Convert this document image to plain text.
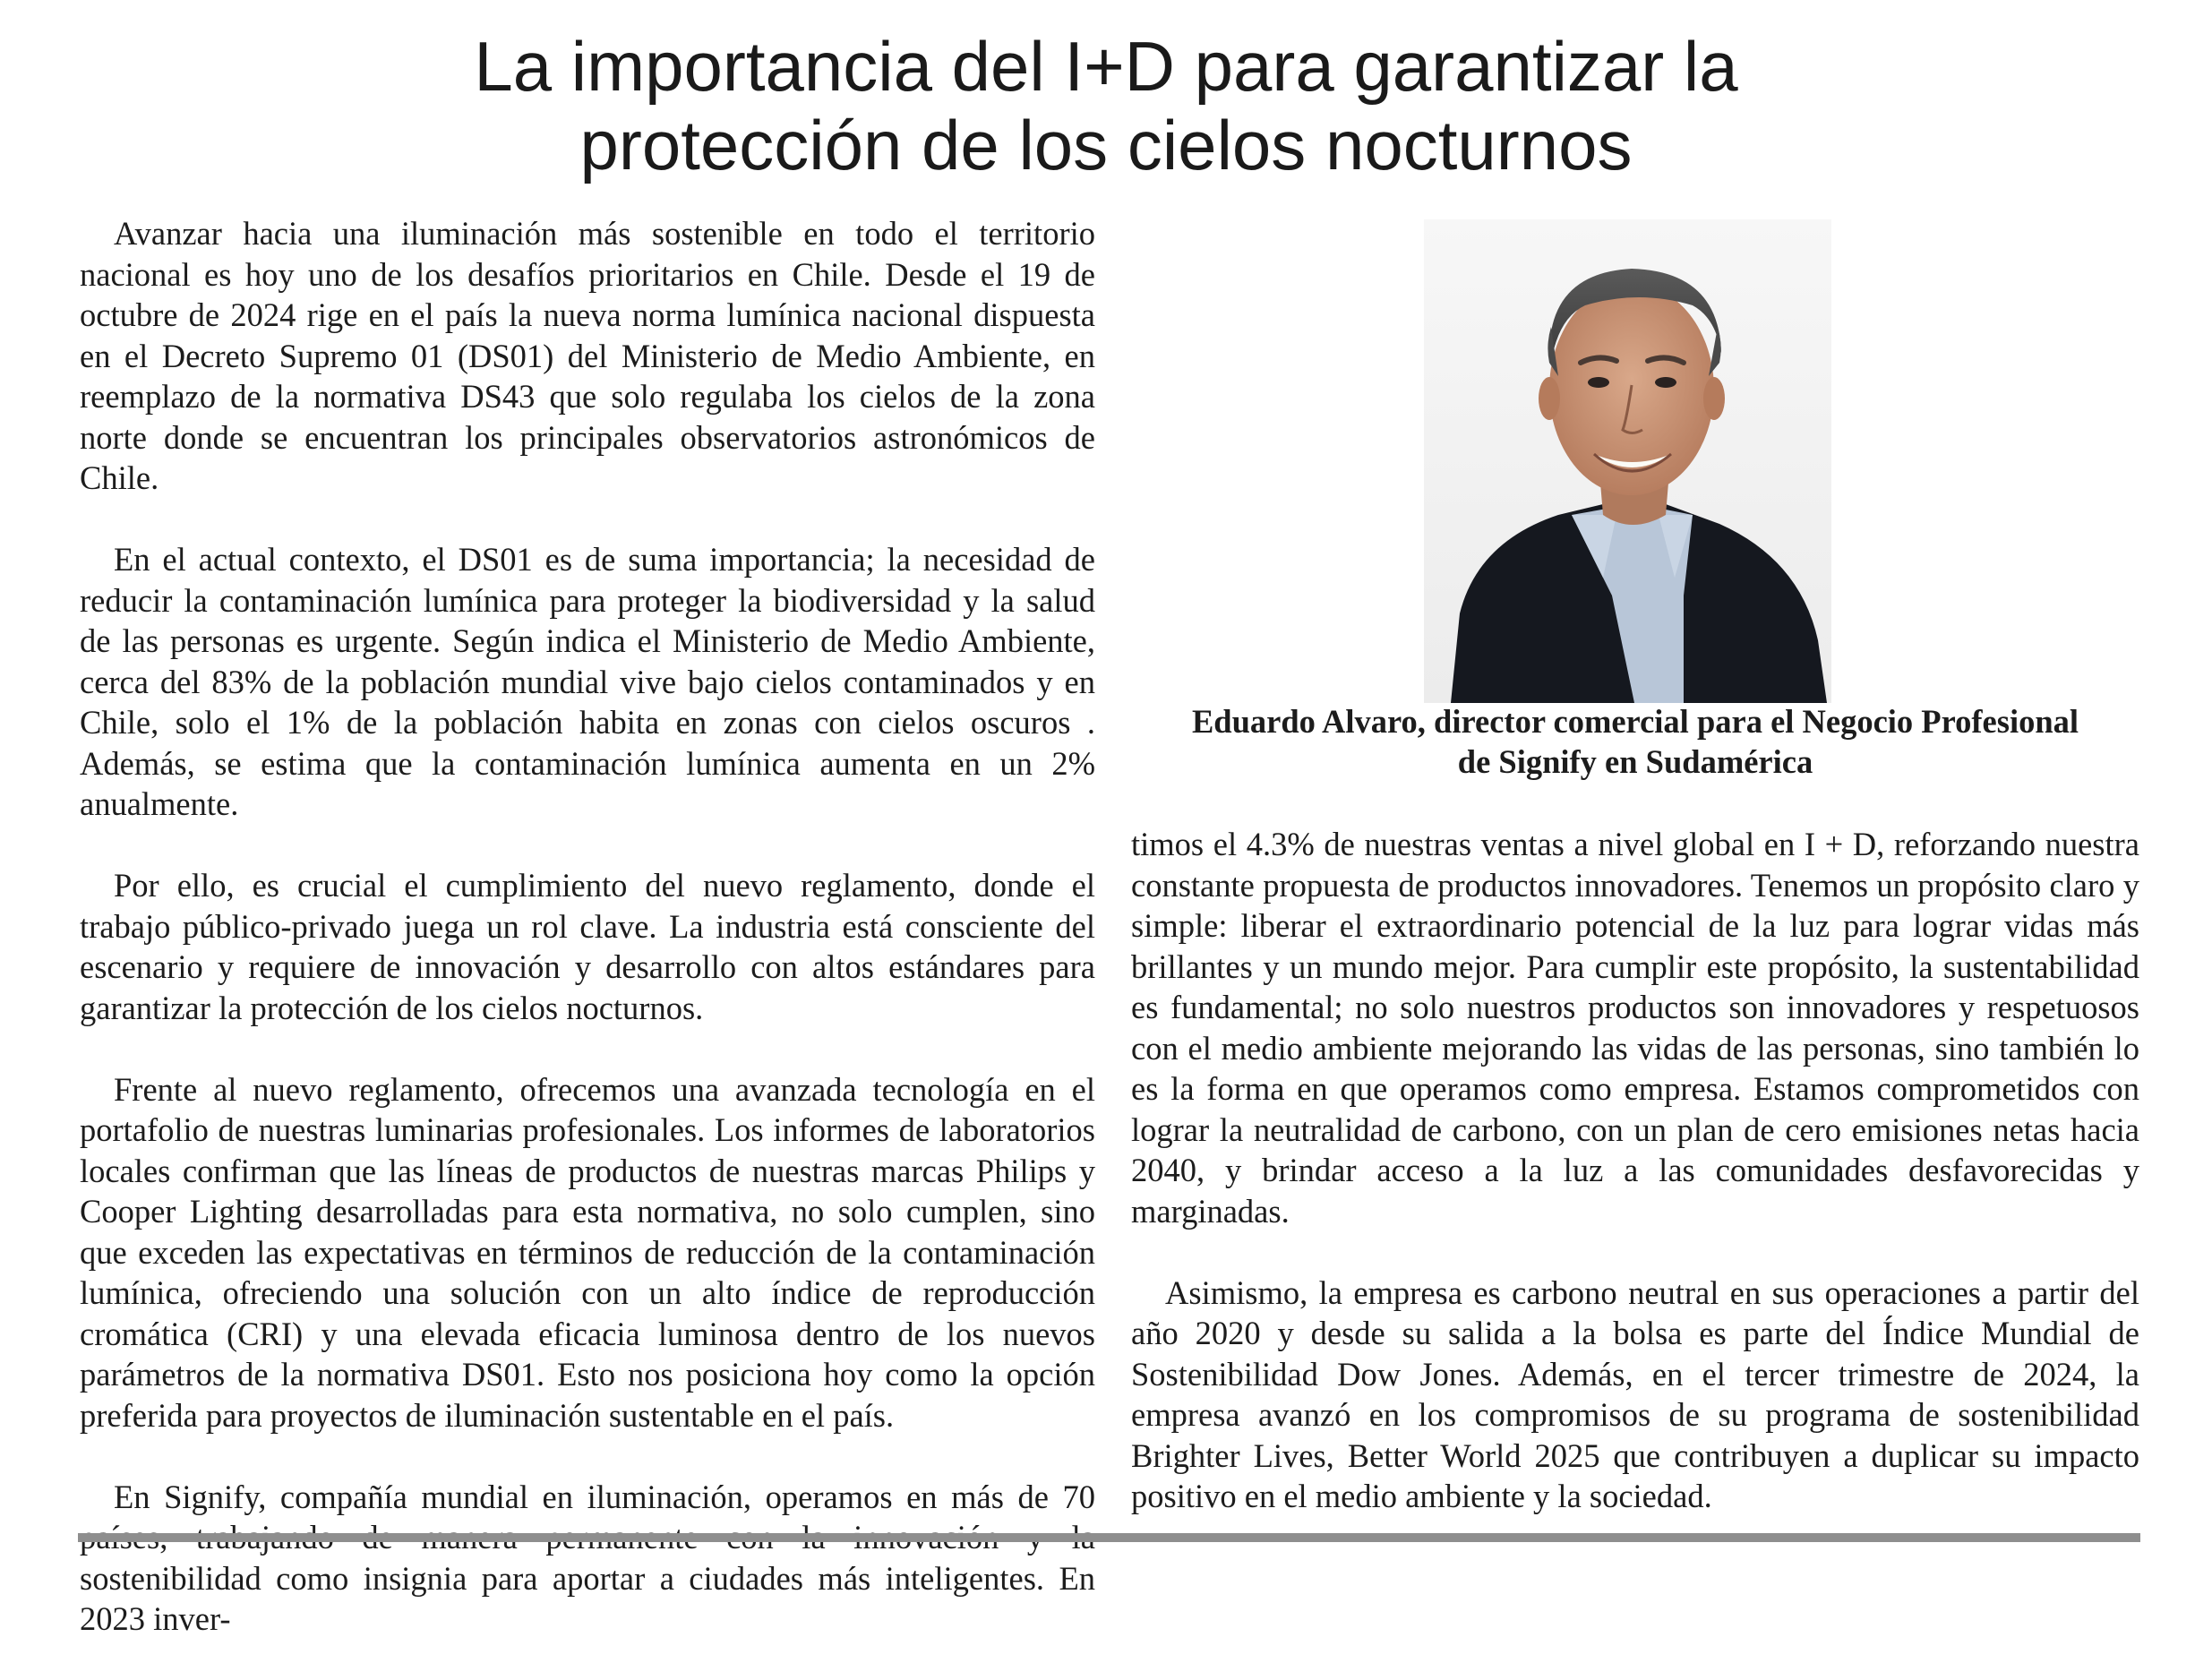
La importancia del I+D para garantizar la
protección de los cielos nocturnos

Avanzar hacia una iluminación más sostenible en todo el territorio nacional es hoy uno de los desafíos prioritarios en Chile. Desde el 19 de octubre de 2024 rige en el país la nueva norma lumínica nacional dispuesta en el Decreto Supremo 01 (DS01) del Ministerio de Medio Ambiente, en reemplazo de la normativa DS43 que solo regulaba los cielos de la zona norte donde se encuentran los principales observatorios astronómicos de Chile.

En el actual contexto, el DS01 es de suma importancia; la necesidad de reducir la contaminación lumínica para proteger la biodiversidad y la salud de las personas es urgente. Según indica el Ministerio de Medio Ambiente, cerca del 83% de la población mundial vive bajo cielos contaminados y en Chile, solo el 1% de la población habita en zonas con cielos oscuros . Además, se estima que la contaminación lumínica aumenta en un 2% anualmente.

Por ello, es crucial el cumplimiento del nuevo reglamento, donde el trabajo público-privado juega un rol clave. La industria está consciente del escenario y requiere de innovación y desarrollo con altos estándares para garantizar la protección de los cielos nocturnos.

Frente al nuevo reglamento, ofrecemos una avanzada tecnología en el portafolio de nuestras luminarias profesionales. Los informes de laboratorios locales confirman que las líneas de productos de nuestras marcas Philips y Cooper Lighting desarrolladas para esta normativa, no solo cumplen, sino que exceden las expectativas en términos de reducción de la contaminación lumínica, ofreciendo una solución con un alto índice de reproducción cromática (CRI) y una elevada eficacia luminosa dentro de los nuevos parámetros de la normativa DS01. Esto nos posiciona hoy como la opción preferida para proyectos de iluminación sustentable en el país.

En Signify, compañía mundial en iluminación, operamos en más de 70 sostenibilidad como insignia para aportar a ciudades más inteligentes. En 2023 inver-

Eduardo Alvaro, director comercial para el Negocio Profesional
de Signify en Sudamérica

timos el 4.3% de nuestras ventas a nivel global en I + D, reforzando nuestra constante propuesta de productos innovadores. Tenemos un propósito claro y simple: liberar el extraordinario potencial de la luz para lograr vidas más brillantes y un mundo mejor. Para cumplir este propósito, la sustentabilidad es fundamental; no solo nuestros productos son innovadores y respetuosos con el medio ambiente mejorando las vidas de las personas, sino también lo es la forma en que operamos como empresa. Estamos comprometidos con lograr la neutralidad de carbono, con un plan de cero emisiones netas hacia 2040, y brindar acceso a la luz a las comunidades desfavorecidas y marginadas.

Asimismo, la empresa es carbono neutral en sus operaciones a partir del año 2020 y desde su salida a la bolsa es parte del Índice Mundial de Sostenibilidad Dow Jones. Además, en el tercer trimestre de 2024, la empresa avanzó en los compromisos de su programa de sostenibilidad Brighter Lives, Better World 2025 que contribuyen a duplicar su impacto positivo en el medio ambiente y la sociedad.
